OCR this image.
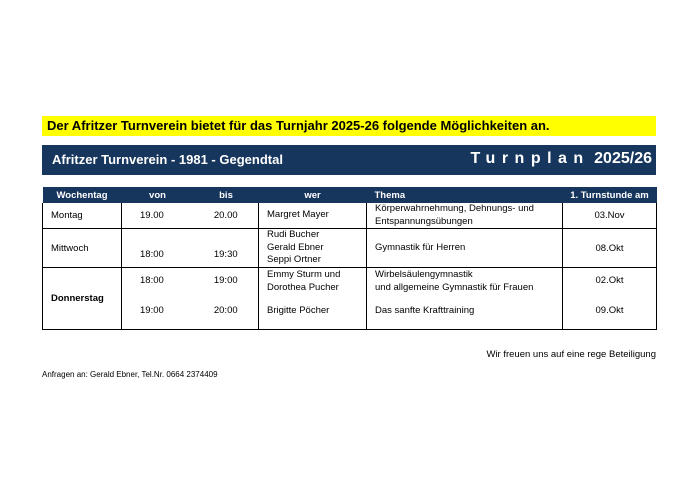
Der Afritzer Turnverein bietet für das Turnjahr 2025-26 folgende Möglichkeiten an.
Afritzer Turnverein - 1981 - Gegendtal	Turnplan 2025/26
Wochentag	von	bis	wer	Thema	1. Turnstunde am
Montag	19.00	20.00	Margret Mayer	Körperwahrnehmung, Dehnungs- und
Entspannungsübungen	03.Nov
Mittwoch	18:00	19:30	Rudi Bucher
Gerald Ebner
Seppi Ortner	Gymnastik für Herren	08.Okt
Donnerstag	18:00	19:00	Emmy Sturm und
Dorothea Pucher	Wirbelsäulengymnastik
und allgemeine Gymnastik für Frauen	02.Okt
	19:00	20:00	Brigitte Pöcher	Das sanfte Krafttraining	09.Okt
Wir freuen uns auf eine rege Beteiligung
Anfragen an: Gerald Ebner, Tel.Nr. 0664 2374409
